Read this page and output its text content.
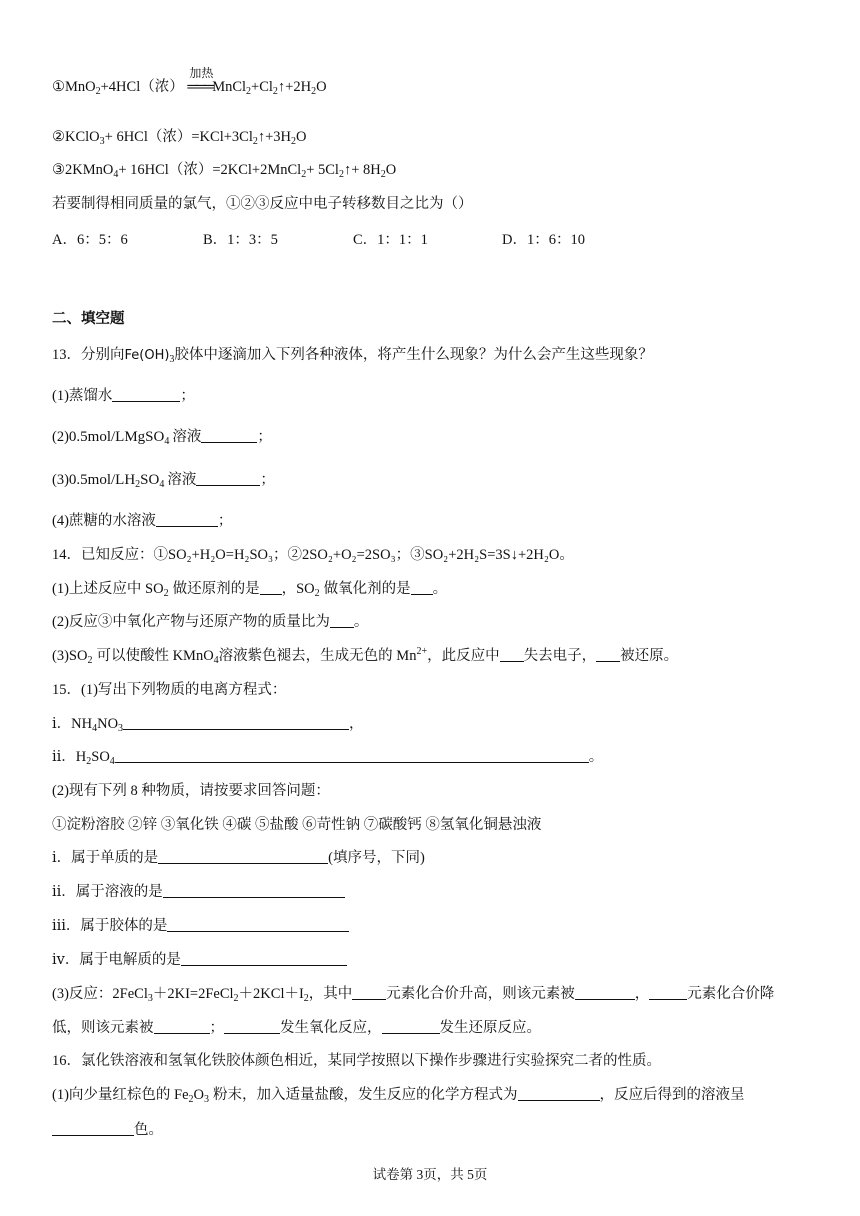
①MnO$_2$+4HCl（浓）
加热
$═══MnCl_2+Cl_2↑+2H_2O$
②KClO$_3$+ 6HCl（浓）$=KCl+3Cl_2↑+3H_2O$
③2KMnO$_4$+ 16HCl（浓）=2KCl+2MnCl$_2$+ $5Cl_2↑+ 8H_2O$
若要制得相同质量的氯气，①②③反应中电子转移数目之比为（）
A．6：5：6	B．1：3：5	C．1：1：1	D．1：6：10
二、填空题
13．分别向$Fe(OH)_3$胶体中逐滴加入下列各种液体，将产生什么现象？为什么会产生这些现象？
(1)蒸馏水	；
(2)0.5mol/LMgSO$_4$ 溶液	；
$(3)0.5mol/LH_2SO_4$ 溶液	；
(4)蔗糖的水溶液	；
14．已知反应：①SO₂+H₂O=H₂SO₃；②2SO₂+O₂=2SO₃；③SO₂+2H₂S=3S↓+2H₂O。
(1)上述反应中 $SO_2$ 做还原剂的是 ，$SO_2$ 做氧化剂的是 。
(2)反应③中氧化产物与还原产物的质量比为 。
$(3)SO_2$ 可以使酸性 KMnO$_4$溶液紫色褪去，生成无色的 $Mn^{2+}$，此反应中 失去电子， 被还原。
15．(1)写出下列物质的电离方程式：
ⅰ．$NH_4NO_3$	，
ⅱ．$H_2SO_4$	。
(2)现有下列 8 种物质，请按要求回答问题：
①淀粉溶胶 ②锌 ③氧化铁 ④碳 ⑤盐酸 ⑥苛性钠 ⑦碳酸钙 ⑧氢氧化铜悬浊液
ⅰ．属于单质的是	(填序号，下同)
ⅱ．属于溶液的是
ⅲ．属于胶体的是
ⅳ．属于电解质的是
(3)反应：$2FeCl_3+2KI=2FeCl_2+2KCl+I_2$，其中 元素化合价升高，则该元素被	，	元素化合价降
低，则该元素被	；	发生氧化反应，	发生还原反应。
16．氯化铁溶液和氢氧化铁胶体颜色相近，某同学按照以下操作步骤进行实验探究二者的性质。
(1)向少量红棕色的 $Fe_2O_3$ 粉末，加入适量盐酸，发生反应的化学方程式为	，反应后得到的溶液呈
色。
试卷第 3页，共 5页
